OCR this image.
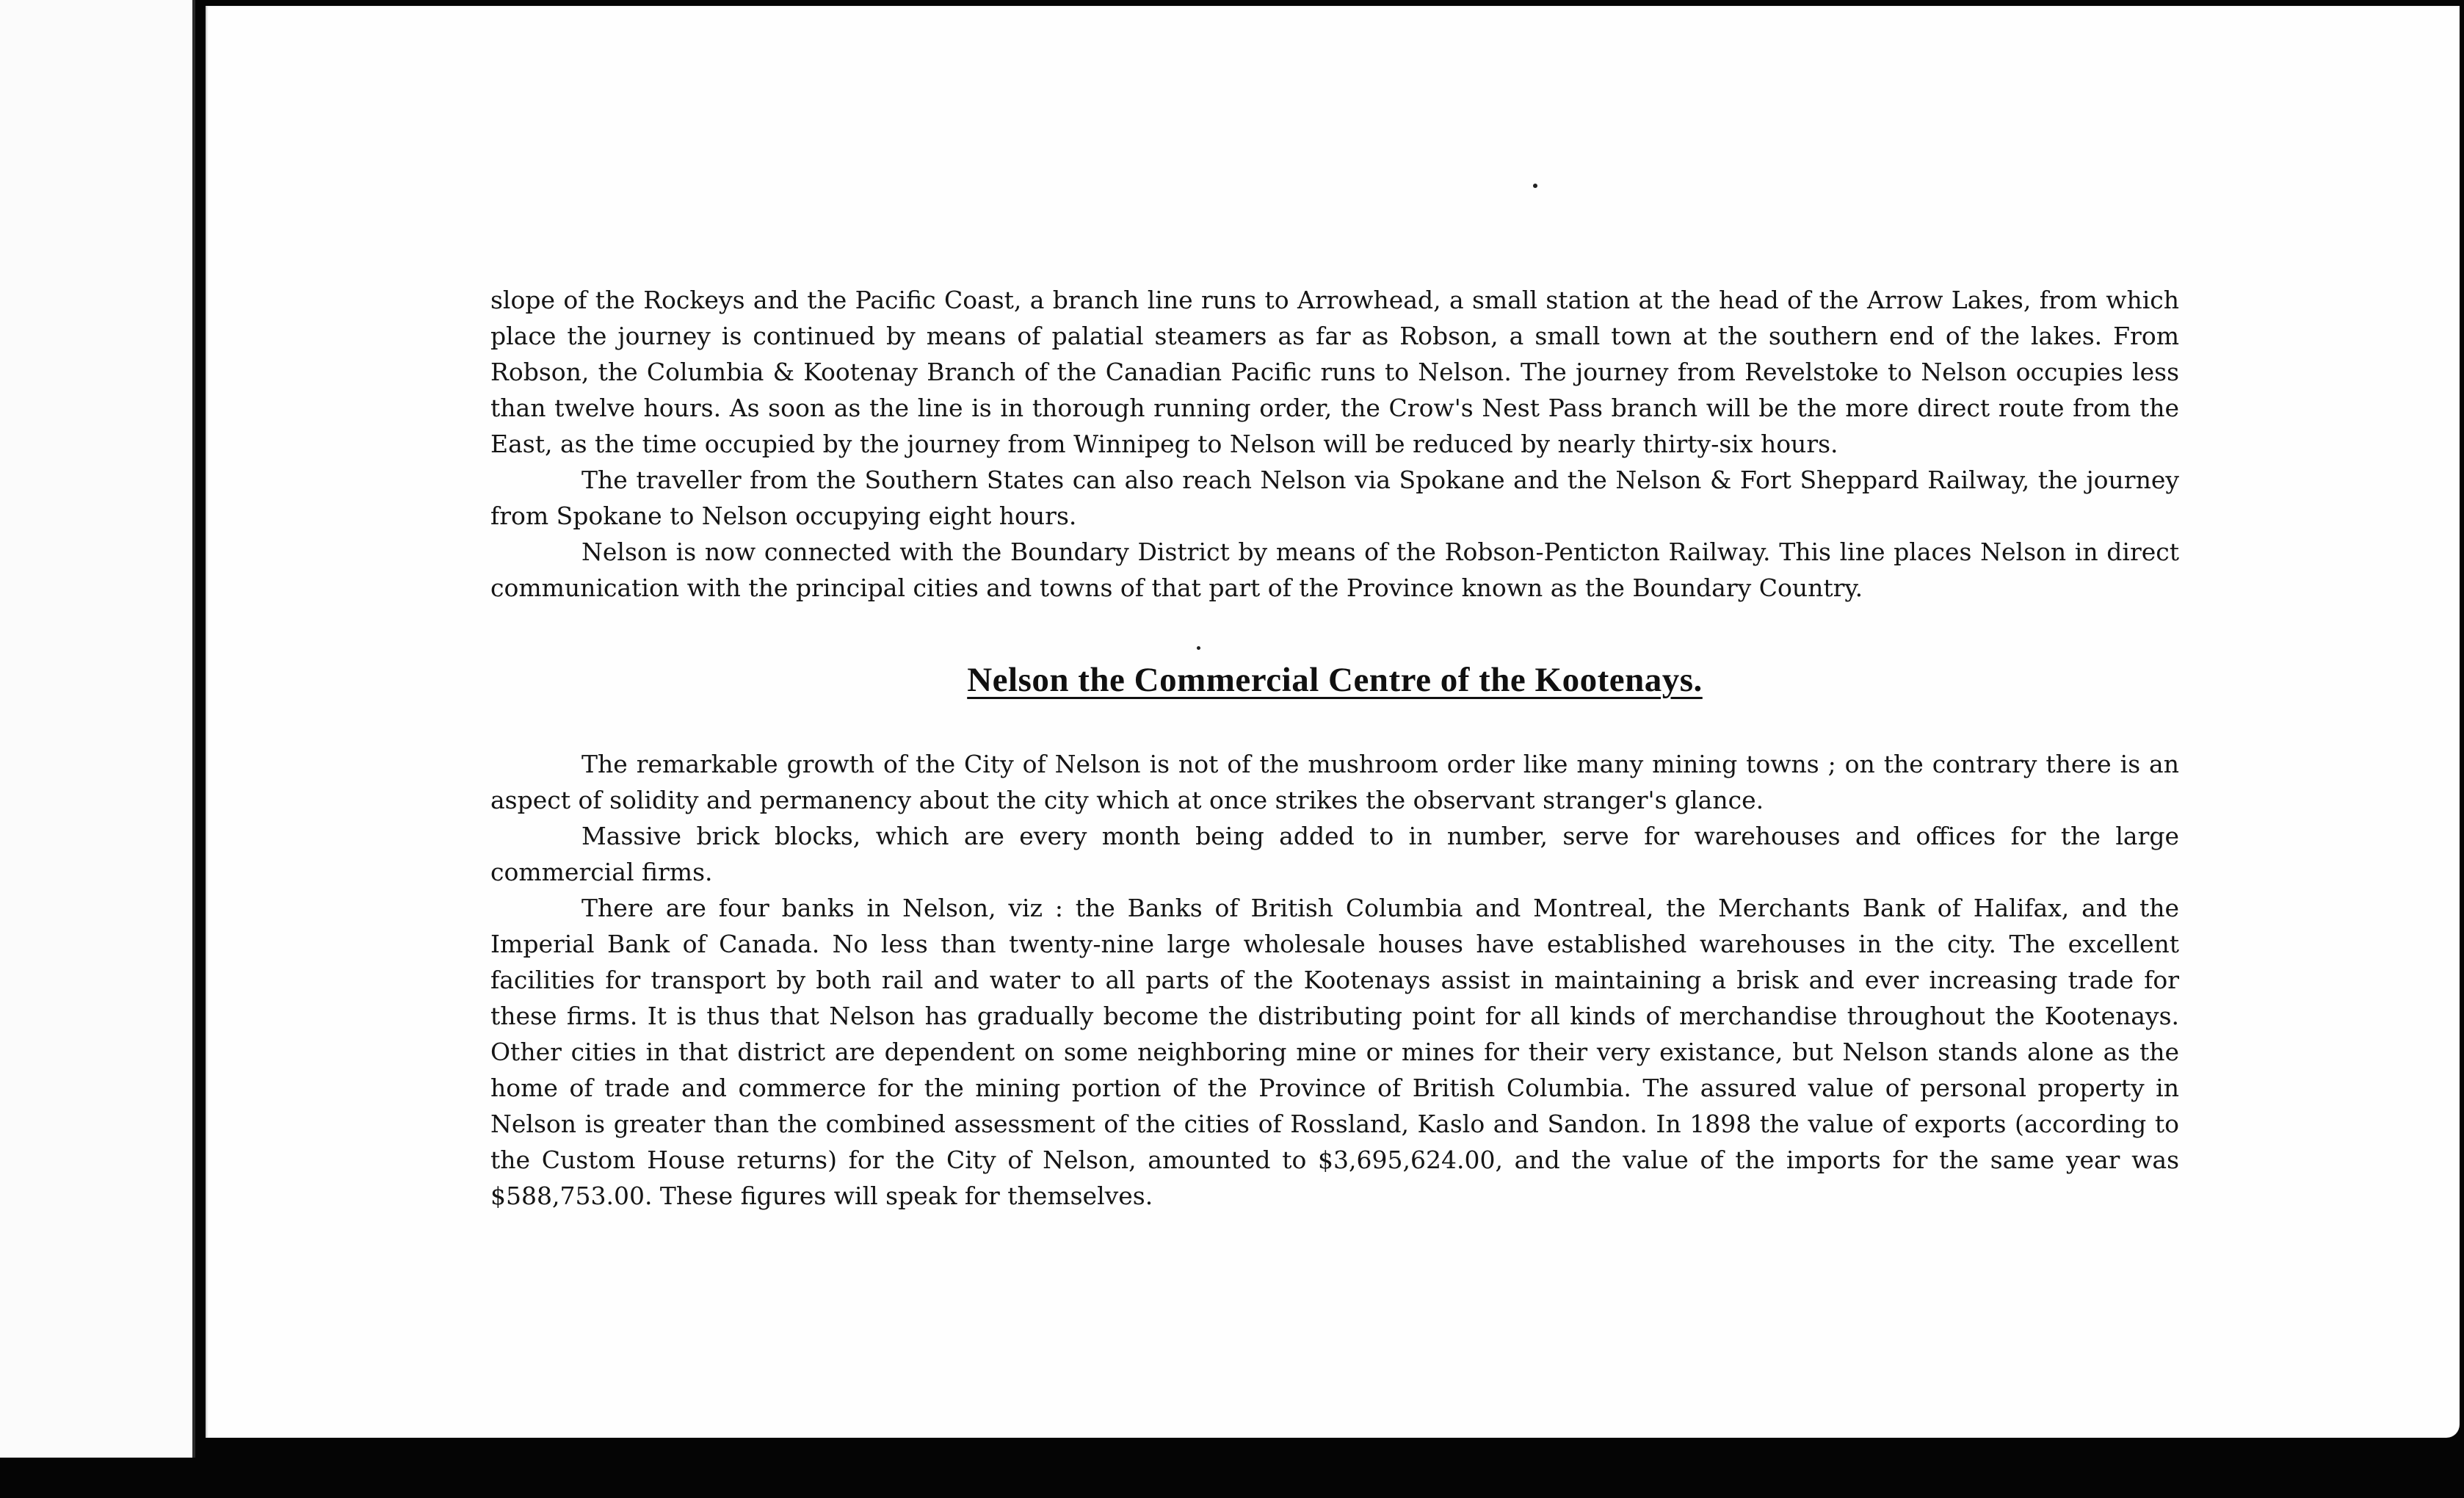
slope of the Rockeys and the Pacific Coast, a branch line runs to Arrowhead, a small station at the head of the Arrow Lakes, from which place the journey is continued by means of palatial steamers as far as Robson, a small town at the southern end of the lakes. From Robson, the Columbia & Kootenay Branch of the Canadian Pacific runs to Nelson. The journey from Revelstoke to Nelson occupies less than twelve hours. As soon as the line is in thorough running order, the Crow's Nest Pass branch will be the more direct route from the East, as the time occupied by the journey from Winnipeg to Nelson will be reduced by nearly thirty-six hours.

The traveller from the Southern States can also reach Nelson via Spokane and the Nelson & Fort Sheppard Railway, the journey from Spokane to Nelson occupying eight hours.

Nelson is now connected with the Boundary District by means of the Robson-Penticton Railway. This line places Nelson in direct communication with the principal cities and towns of that part of the Province known as the Boundary Country.

Nelson the Commercial Centre of the Kootenays.

The remarkable growth of the City of Nelson is not of the mushroom order like many mining towns ; on the contrary there is an aspect of solidity and permanency about the city which at once strikes the observant stranger's glance.

Massive brick blocks, which are every month being added to in number, serve for warehouses and offices for the large commercial firms.

There are four banks in Nelson, viz : the Banks of British Columbia and Montreal, the Merchants Bank of Halifax, and the Imperial Bank of Canada. No less than twenty-nine large wholesale houses have established warehouses in the city. The excellent facilities for transport by both rail and water to all parts of the Kootenays assist in maintaining a brisk and ever increasing trade for these firms. It is thus that Nelson has gradually become the distributing point for all kinds of merchandise throughout the Kootenays. Other cities in that district are dependent on some neighboring mine or mines for their very existance, but Nelson stands alone as the home of trade and commerce for the mining portion of the Province of British Columbia. The assured value of personal property in Nelson is greater than the combined assessment of the cities of Rossland, Kaslo and Sandon. In 1898 the value of exports (according to the Custom House returns) for the City of Nelson, amounted to $3,695,624.00, and the value of the imports for the same year was $588,753.00. These figures will speak for themselves.
